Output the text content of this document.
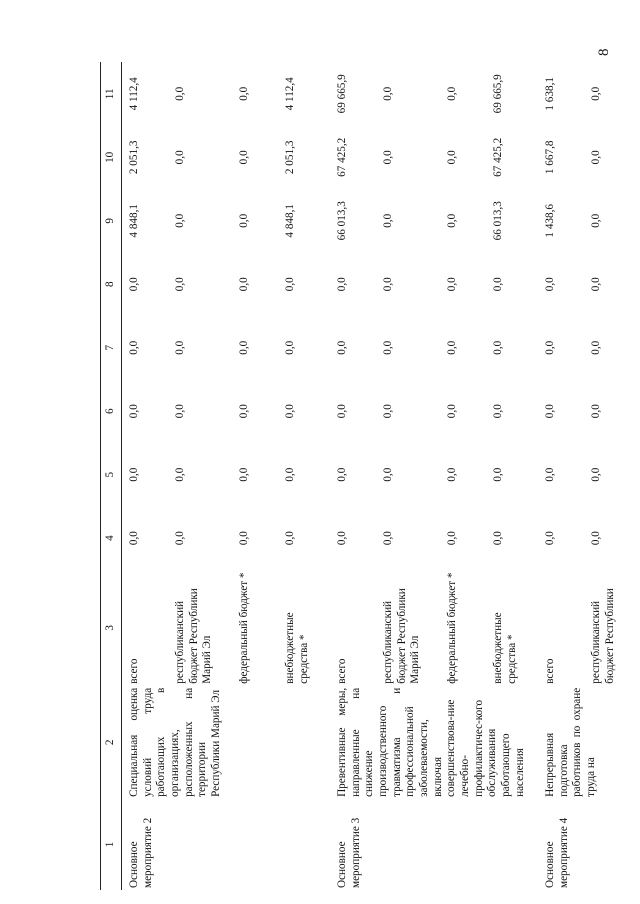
8
1	2	3	4	5	6	7	8	9	10	11
Основное мероприятие 2	Специальная оценка условий труда работающих в организациях, расположенных на территории Республики Марий Эл	всего	0,0	0,0	0,0	0,0	0,0	4 848,1	2 051,3	4 112,4
		республиканский бюджет Республики Марий Эл	0,0	0,0	0,0	0,0	0,0	0,0	0,0	0,0
		федеральный бюджет *	0,0	0,0	0,0	0,0	0,0	0,0	0,0	0,0
		внебюджетные средства *	0,0	0,0	0,0	0,0	0,0	4 848,1	2 051,3	4 112,4
Основное мероприятие 3	Превентивные меры, направленные на снижение производственного травматизма и профессиональной заболеваемости, включая совершенствова-ние лечебно-профилактичес-кого обслуживания работающего населения	всего	0,0	0,0	0,0	0,0	0,0	66 013,3	67 425,2	69 665,9
		республиканский бюджет Республики Марий Эл	0,0	0,0	0,0	0,0	0,0	0,0	0,0	0,0
		федеральный бюджет *	0,0	0,0	0,0	0,0	0,0	0,0	0,0	0,0
		внебюджетные средства *	0,0	0,0	0,0	0,0	0,0	66 013,3	67 425,2	69 665,9
Основное мероприятие 4	Непрерывная подготовка работников по охране труда на	всего	0,0	0,0	0,0	0,0	0,0	1 438,6	1 667,8	1 638,1
		республиканский бюджет Республики	0,0	0,0	0,0	0,0	0,0	0,0	0,0	0,0
